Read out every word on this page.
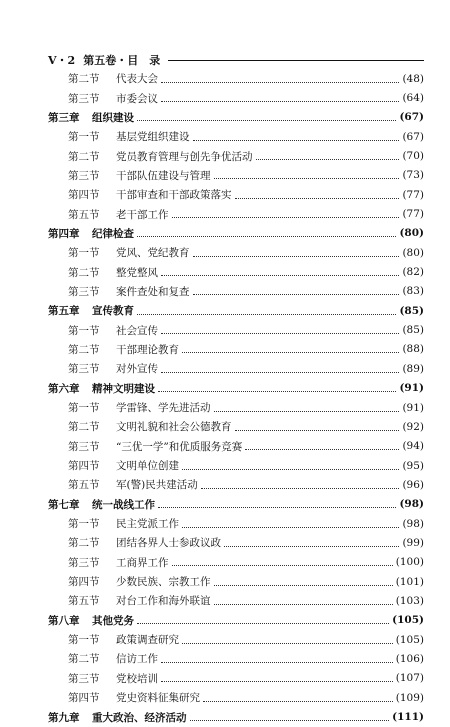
V・2 第五卷・目　录
第二节	代表大会	(48)
第三节	市委会议	(64)
第三章	组织建设	(67)
第一节	基层党组织建设	(67)
第二节	党员教育管理与创先争优活动	(70)
第三节	干部队伍建设与管理	(73)
第四节	干部审查和干部政策落实	(77)
第五节	老干部工作	(77)
第四章	纪律检查	(80)
第一节	党风、党纪教育	(80)
第二节	整党整风	(82)
第三节	案件查处和复查	(83)
第五章	宣传教育	(85)
第一节	社会宣传	(85)
第二节	干部理论教育	(88)
第三节	对外宣传	(89)
第六章	精神文明建设	(91)
第一节	学雷锋、学先进活动	(91)
第二节	文明礼貌和社会公德教育	(92)
第三节	“三优一学”和优质服务竞赛	(94)
第四节	文明单位创建	(95)
第五节	军(警)民共建活动	(96)
第七章	统一战线工作	(98)
第一节	民主党派工作	(98)
第二节	团结各界人士参政议政	(99)
第三节	工商界工作	(100)
第四节	少数民族、宗教工作	(101)
第五节	对台工作和海外联谊	(103)
第八章	其他党务	(105)
第一节	政策调查研究	(105)
第二节	信访工作	(106)
第三节	党校培训	(107)
第四节	党史资料征集研究	(109)
第九章	重大政治、经济活动	(111)
